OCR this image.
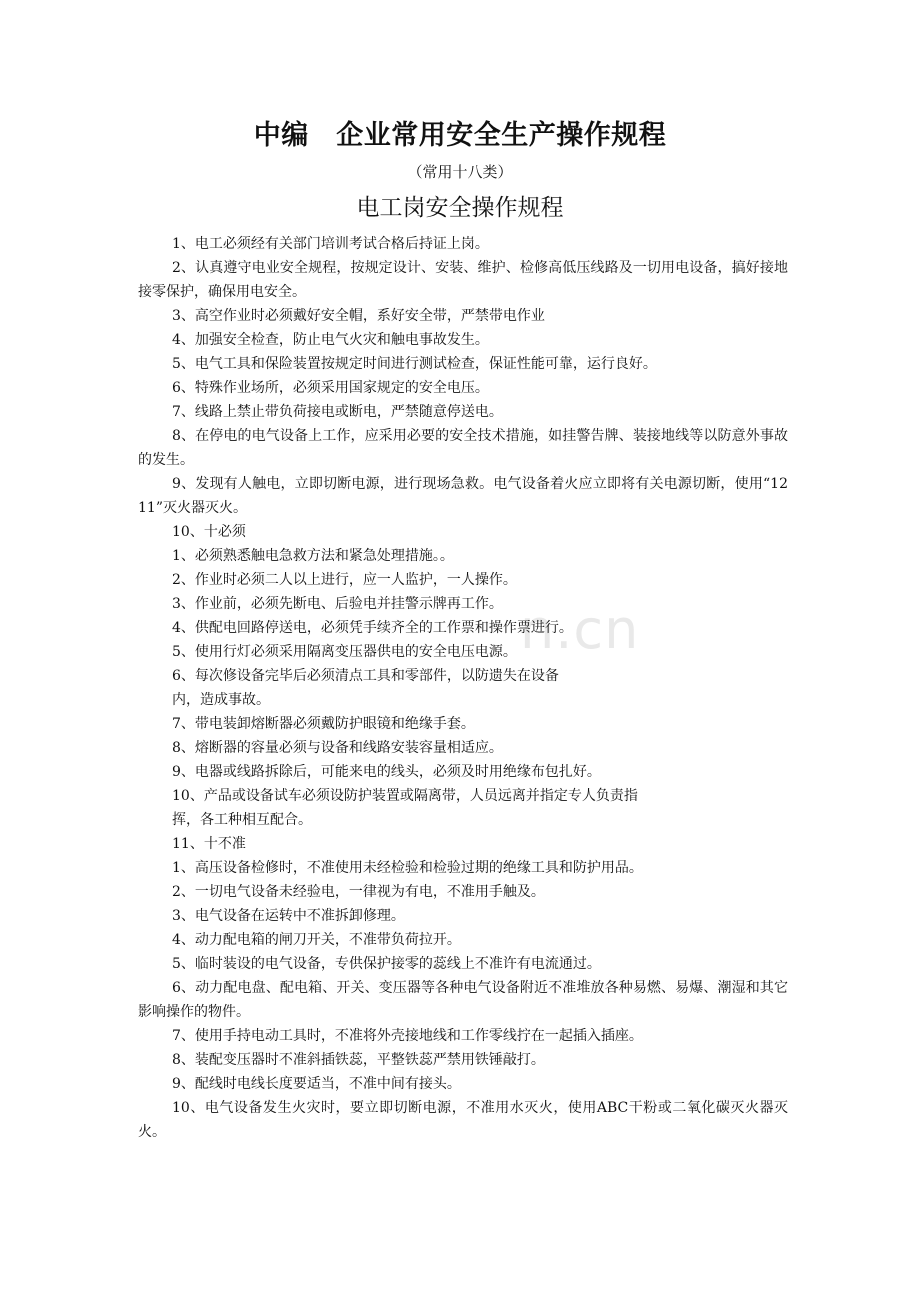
n.cn
中编　企业常用安全生产操作规程
（常用十八类）
电工岗安全操作规程

1、电工必须经有关部门培训考试合格后持证上岗。

2、认真遵守电业安全规程，按规定设计、安装、维护、检修高低压线路及一切用电设备，搞好接地接零保护，确保用电安全。

3、高空作业时必须戴好安全帽，系好安全带，严禁带电作业

4、加强安全检查，防止电气火灾和触电事故发生。

5、电气工具和保险装置按规定时间进行测试检查，保证性能可靠，运行良好。

6、特殊作业场所，必须采用国家规定的安全电压。

7、线路上禁止带负荷接电或断电，严禁随意停送电。

8、在停电的电气设备上工作，应采用必要的安全技术措施，如挂警告牌、装接地线等以防意外事故的发生。

9、发现有人触电，立即切断电源，进行现场急救。电气设备着火应立即将有关电源切断，使用“1211”灭火器灭火。

10、十必须

1、必须熟悉触电急救方法和紧急处理措施。。

2、作业时必须二人以上进行，应一人监护，一人操作。

3、作业前，必须先断电、后验电并挂警示牌再工作。

4、供配电回路停送电，必须凭手续齐全的工作票和操作票进行。

5、使用行灯必须采用隔离变压器供电的安全电压电源。

6、每次修设备完毕后必须清点工具和零部件，以防遗失在设备

内，造成事故。

7、带电装卸熔断器必须戴防护眼镜和绝缘手套。

8、熔断器的容量必须与设备和线路安装容量相适应。

9、电器或线路拆除后，可能来电的线头，必须及时用绝缘布包扎好。

10、产品或设备试车必须设防护装置或隔离带，人员远离并指定专人负责指

挥，各工种相互配合。

11、十不准

1、高压设备检修时，不准使用未经检验和检验过期的绝缘工具和防护用品。

2、一切电气设备未经验电，一律视为有电，不准用手触及。

3、电气设备在运转中不准拆卸修理。

4、动力配电箱的闸刀开关，不准带负荷拉开。

5、临时装设的电气设备，专供保护接零的蕊线上不准许有电流通过。

6、动力配电盘、配电箱、开关、变压器等各种电气设备附近不准堆放各种易燃、易爆、潮湿和其它影响操作的物件。

7、使用手持电动工具时，不准将外壳接地线和工作零线拧在一起插入插座。

8、装配变压器时不准斜插铁蕊，平整铁蕊严禁用铁锤敲打。

9、配线时电线长度要适当，不准中间有接头。

10、电气设备发生火灾时，要立即切断电源，不准用水灭火，使用ABC干粉或二氧化碳灭火器灭火。
